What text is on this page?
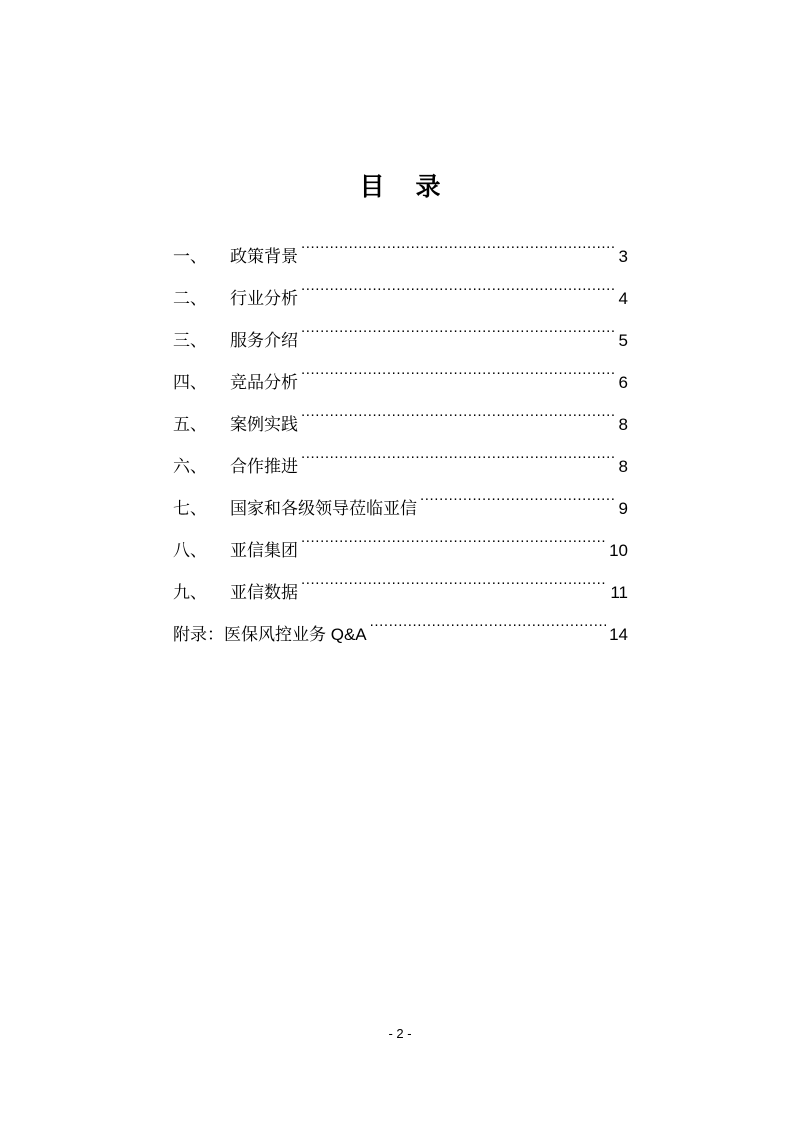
目 录
一、	政策背景 .....	3
二、	行业分析 .....	4
三、	服务介绍 .....	5
四、	竞品分析 .....	6
五、	案例实践 .....	8
六、	合作推进 .....	8
七、	国家和各级领导莅临亚信 .....	9
八、	亚信集团 .....	10
九、	亚信数据 .....	11
附录：医保风控业务 Q&A .....	14
- 2 -
